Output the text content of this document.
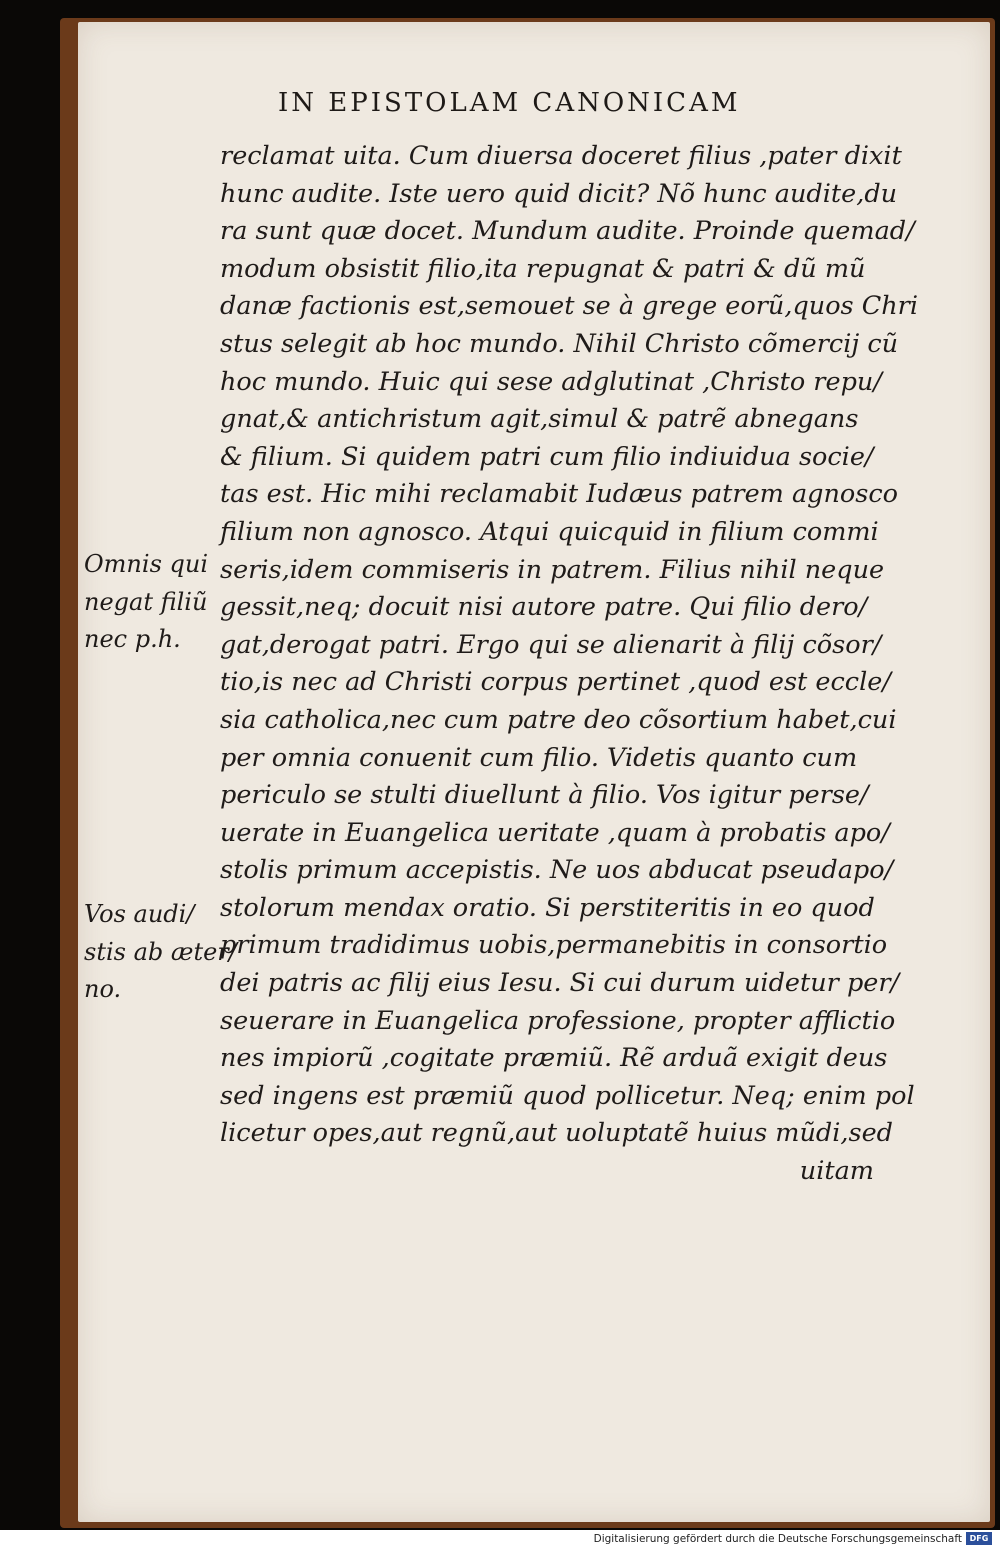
IN EPISTOLAM CANONICAM
reclamat uita. Cum diuersa doceret filius ,pater dixit
hunc audite. Iste uero quid dicit? Nõ hunc audite,du
ra sunt quæ docet. Mundum audite. Proinde quemad/
modum obsistit filio,ita repugnat & patri & dũ mũ
danæ factionis est,semouet se à grege eorũ,quos Chri
stus selegit ab hoc mundo. Nihil Christo cõmercij cũ
hoc mundo. Huic qui sese adglutinat ,Christo repu/
gnat,& antichristum agit,simul & patrẽ abnegans
& filium. Si quidem patri cum filio indiuidua socie/
tas est. Hic mihi reclamabit Iudæus patrem agnosco
filium non agnosco. Atqui quicquid in filium commi
seris,idem commiseris in patrem. Filius nihil neque
gessit,neq; docuit nisi autore patre. Qui filio dero/
gat,derogat patri. Ergo qui se alienarit à filij cõsor/
tio,is nec ad Christi corpus pertinet ,quod est eccle/
sia catholica,nec cum patre deo cõsortium habet,cui
per omnia conuenit cum filio. Videtis quanto cum
periculo se stulti diuellunt à filio. Vos igitur perse/
uerate in Euangelica ueritate ,quam à probatis apo/
stolis primum accepistis. Ne uos abducat pseudapo/
stolorum mendax oratio. Si perstiteritis in eo quod
primum tradidimus uobis,permanebitis in consortio
dei patris ac filij eius Iesu. Si cui durum uidetur per/
seuerare in Euangelica professione, propter afflictio
nes impiorũ ,cogitate præmiũ. Rẽ arduã exigit deus
sed ingens est præmiũ quod pollicetur. Neq; enim pol
licetur opes,aut regnũ,aut uoluptatẽ huius mũdi,sed
uitam
Omnis qui
negat filiũ
nec p.h.
Vos audi/
stis ab æter/
no.
Digitalisierung gefördert durch die Deutsche Forschungsgemeinschaft DFG
